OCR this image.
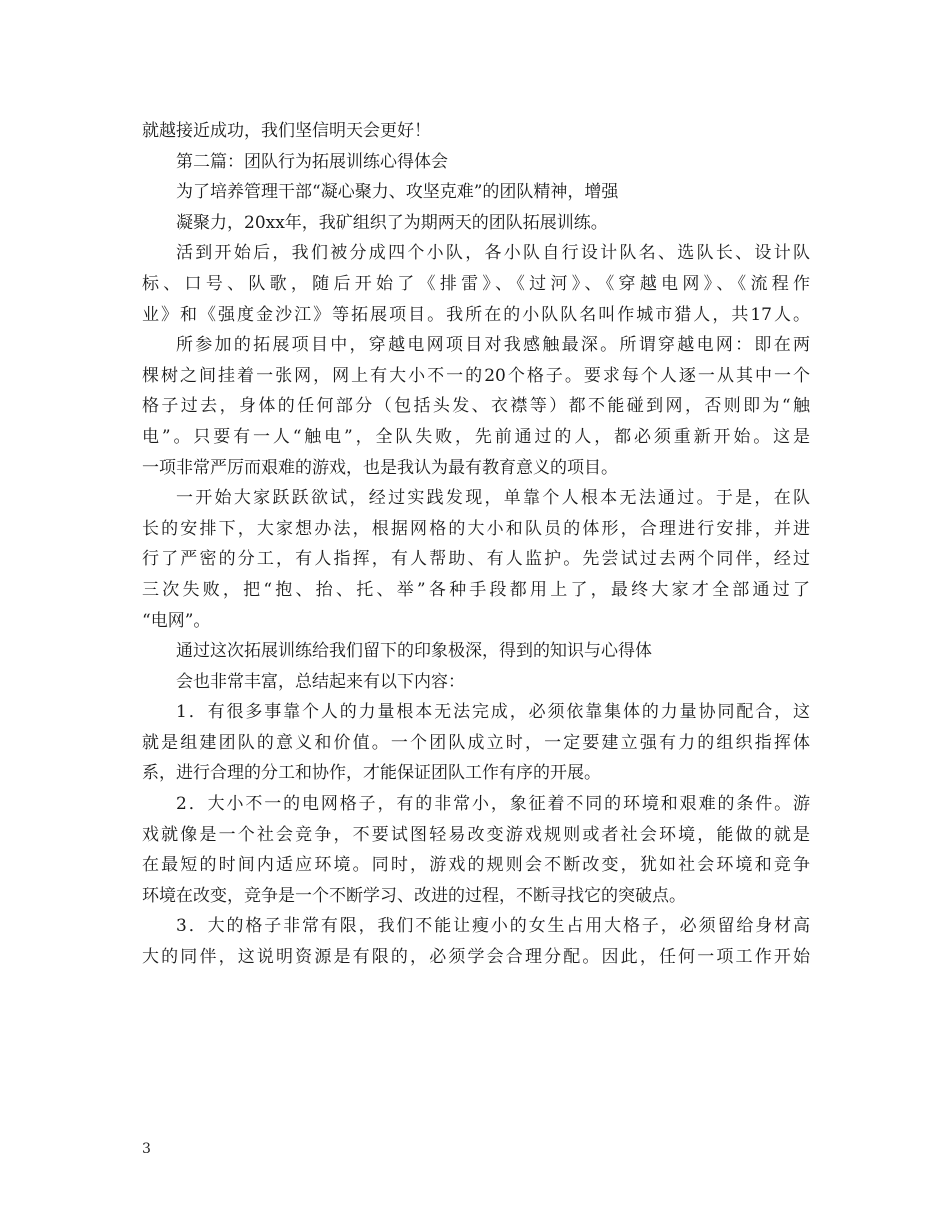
就越接近成功，我们坚信明天会更好！
第二篇：团队行为拓展训练心得体会
为了培养管理干部“凝心聚力、攻坚克难”的团队精神，增强
凝聚力，20xx年，我矿组织了为期两天的团队拓展训练。
活到开始后，我们被分成四个小队，各小队自行设计队名、选队长、设计队
标、口号、队歌，随后开始了《排雷》、《过河》、《穿越电网》、《流程作
业》和《强度金沙江》等拓展项目。我所在的小队队名叫作城市猎人，共17人。
所参加的拓展项目中，穿越电网项目对我感触最深。所谓穿越电网：即在两
棵树之间挂着一张网，网上有大小不一的20个格子。要求每个人逐一从其中一个
格子过去，身体的任何部分（包括头发、衣襟等）都不能碰到网，否则即为“触
电”。只要有一人“触电”，全队失败，先前通过的人，都必须重新开始。这是
一项非常严厉而艰难的游戏，也是我认为最有教育意义的项目。
一开始大家跃跃欲试，经过实践发现，单靠个人根本无法通过。于是，在队
长的安排下，大家想办法，根据网格的大小和队员的体形，合理进行安排，并进
行了严密的分工，有人指挥，有人帮助、有人监护。先尝试过去两个同伴，经过
三次失败，把“抱、抬、托、举”各种手段都用上了，最终大家才全部通过了
“电网”。
通过这次拓展训练给我们留下的印象极深，得到的知识与心得体
会也非常丰富，总结起来有以下内容：
1．有很多事靠个人的力量根本无法完成，必须依靠集体的力量协同配合，这
就是组建团队的意义和价值。一个团队成立时，一定要建立强有力的组织指挥体
系，进行合理的分工和协作，才能保证团队工作有序的开展。
2．大小不一的电网格子，有的非常小，象征着不同的环境和艰难的条件。游
戏就像是一个社会竞争，不要试图轻易改变游戏规则或者社会环境，能做的就是
在最短的时间内适应环境。同时，游戏的规则会不断改变，犹如社会环境和竞争
环境在改变，竞争是一个不断学习、改进的过程，不断寻找它的突破点。
3．大的格子非常有限，我们不能让瘦小的女生占用大格子，必须留给身材高
大的同伴，这说明资源是有限的，必须学会合理分配。因此，任何一项工作开始
3
